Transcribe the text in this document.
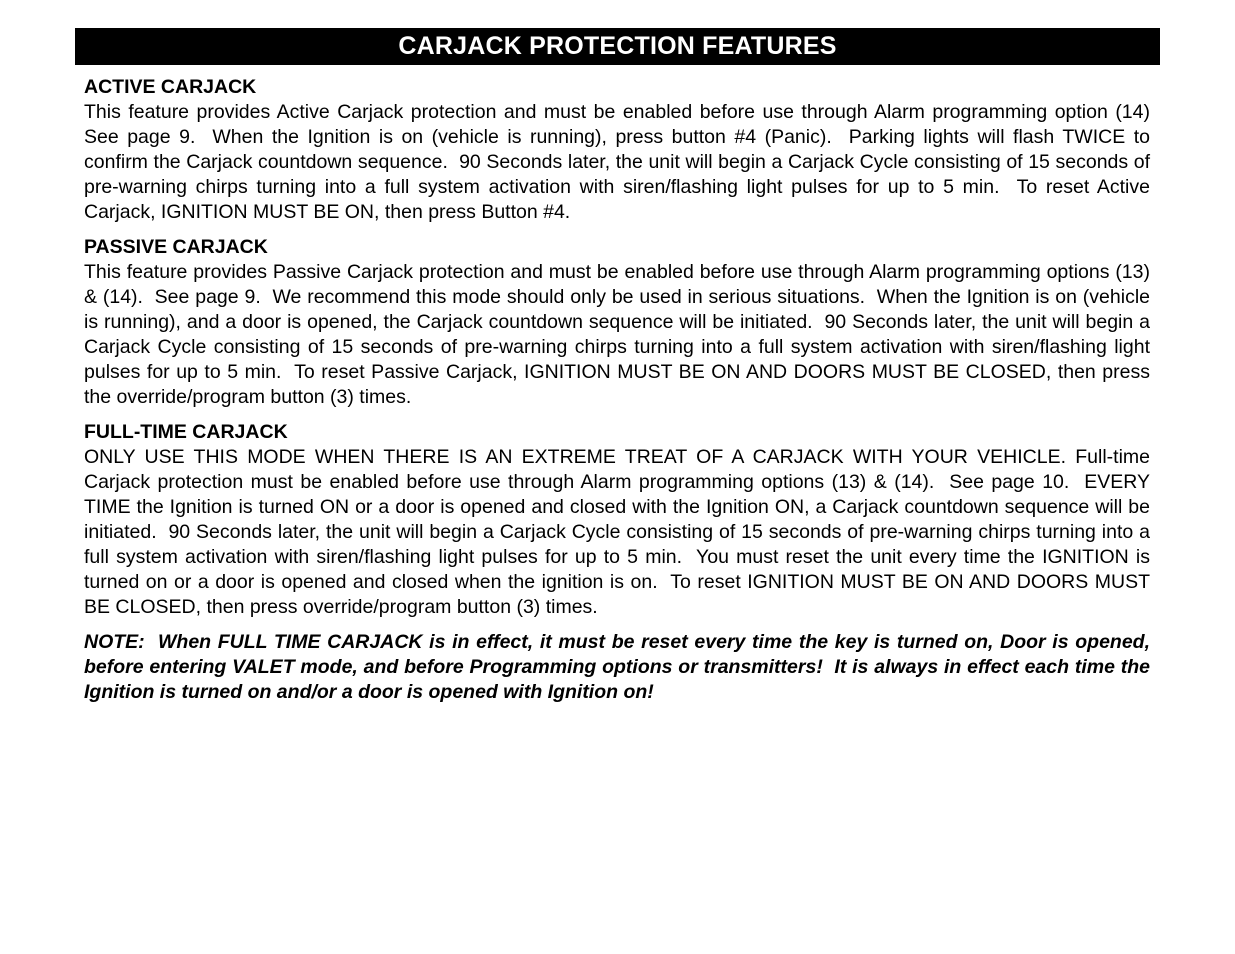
CARJACK PROTECTION FEATURES

ACTIVE CARJACK

This feature provides Active Carjack protection and must be enabled before use through Alarm programming option (14)  See page 9.  When the Ignition is on (vehicle is running), press button #4 (Panic).  Parking lights will flash TWICE to confirm the Carjack countdown sequence.  90 Seconds later, the unit will begin a Carjack Cycle consisting of 15 seconds of pre-warning chirps turning into a full system activation with siren/flashing light pulses for up to 5 min.  To reset Active Carjack, IGNITION MUST BE ON, then press Button #4.

PASSIVE CARJACK

This feature provides Passive Carjack protection and must be enabled before use through Alarm programming options (13) & (14).  See page 9.  We recommend this mode should only be used in serious situations.  When the Ignition is on (vehicle is running), and a door is opened, the Carjack countdown sequence will be initiated.  90 Seconds later, the unit will begin a Carjack Cycle consisting of 15 seconds of pre-warning chirps turning into a full system activation with siren/flashing light pulses for up to 5 min.  To reset Passive Carjack, IGNITION MUST BE ON AND DOORS MUST BE CLOSED, then press the override/program button (3) times.

FULL-TIME CARJACK

ONLY USE THIS MODE WHEN THERE IS AN EXTREME TREAT OF A CARJACK WITH YOUR VEHICLE. Full-time Carjack protection must be enabled before use through Alarm programming options (13) & (14).  See page 10.  EVERY TIME the Ignition is turned ON or a door is opened and closed with the Ignition ON, a Carjack countdown sequence will be initiated.  90 Seconds later, the unit will begin a Carjack Cycle consisting of 15 seconds of pre-warning chirps turning into a full system activation with siren/flashing light pulses for up to 5 min.  You must reset the unit every time the IGNITION is turned on or a door is opened and closed when the ignition is on.  To reset IGNITION MUST BE ON AND DOORS MUST BE CLOSED, then press override/program button (3) times.

NOTE:  When FULL TIME CARJACK is in effect, it must be reset every time the key is turned on, Door is opened, before entering VALET mode, and before Programming options or transmitters!  It is always in effect each time the Ignition is turned on and/or a door is opened with Ignition on!
